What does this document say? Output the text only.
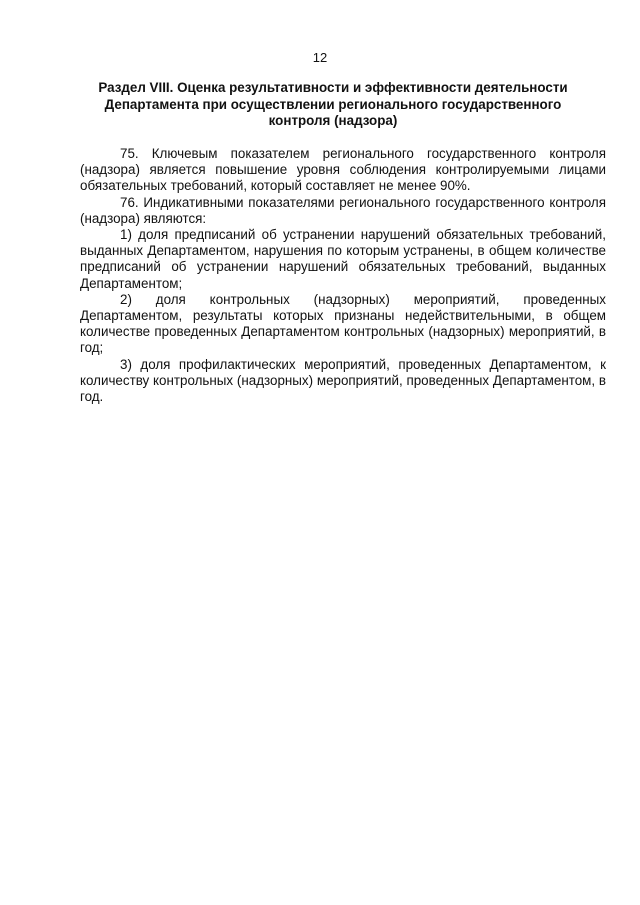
12
Раздел VIII. Оценка результативности и эффективности деятельности
Департамента при осуществлении регионального государственного
контроля (надзора)

75. Ключевым показателем регионального государственного контроля (надзора) является повышение уровня соблюдения контролируемыми лицами обязательных требований, который составляет не менее 90%.

76. Индикативными показателями регионального государственного контроля (надзора) являются:

1) доля предписаний об устранении нарушений обязательных требований, выданных Департаментом, нарушения по которым устранены, в общем количестве предписаний об устранении нарушений обязательных требований, выданных Департаментом;

2) доля контрольных (надзорных) мероприятий, проведенных Департаментом, результаты которых признаны недействительными, в общем количестве проведенных Департаментом контрольных (надзорных) мероприятий, в год;

3) доля профилактических мероприятий, проведенных Департаментом, к количеству контрольных (надзорных) мероприятий, проведенных Департаментом, в год.
